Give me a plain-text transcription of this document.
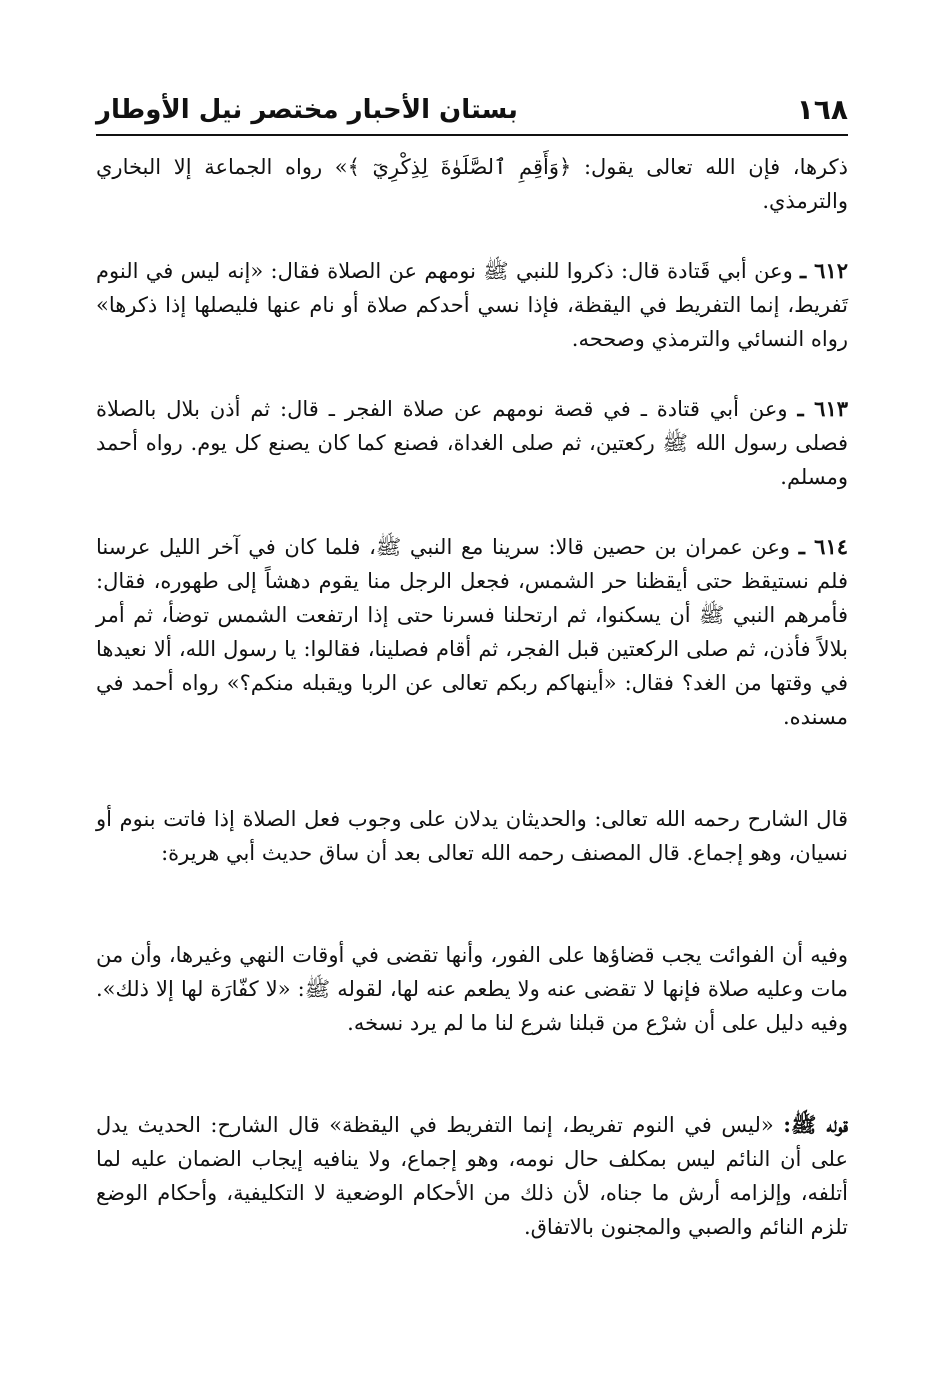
١٦٨
بستان الأحبار مختصر نيل الأوطار

ذكرها، فإن الله تعالى يقول: ﴿وَأَقِمِ ٱلصَّلَوٰةَ لِذِكْرِيٓ ﴾» رواه الجماعة إلا البخاري والترمذي.

٦١٢ ـ وعن أبي قَتادة قال: ذكروا للنبي ﷺ نومهم عن الصلاة فقال: «إنه ليس في النوم تَفريط، إنما التفريط في اليقظة، فإذا نسي أحدكم صلاة أو نام عنها فليصلها إذا ذكرها» رواه النسائي والترمذي وصححه.

٦١٣ ـ وعن أبي قتادة ـ في قصة نومهم عن صلاة الفجر ـ قال: ثم أذن بلال بالصلاة فصلى رسول الله ﷺ ركعتين، ثم صلى الغداة، فصنع كما كان يصنع كل يوم. رواه أحمد ومسلم.

٦١٤ ـ وعن عمران بن حصين قالا: سرينا مع النبي ﷺ، فلما كان في آخر الليل عرسنا فلم نستيقظ حتى أيقظنا حر الشمس، فجعل الرجل منا يقوم دهشاً إلى طهوره، فقال: فأمرهم النبي ﷺ أن يسكنوا، ثم ارتحلنا فسرنا حتى إذا ارتفعت الشمس توضأ، ثم أمر بلالاً فأذن، ثم صلى الركعتين قبل الفجر، ثم أقام فصلينا، فقالوا: يا رسول الله، ألا نعيدها في وقتها من الغد؟ فقال: «أينهاكم ربكم تعالى عن الربا ويقبله منكم؟» رواه أحمد في مسنده.

قال الشارح رحمه الله تعالى: والحديثان يدلان على وجوب فعل الصلاة إذا فاتت بنوم أو نسيان، وهو إجماع. قال المصنف رحمه الله تعالى بعد أن ساق حديث أبي هريرة:

وفيه أن الفوائت يجب قضاؤها على الفور، وأنها تقضى في أوقات النهي وغيرها، وأن من مات وعليه صلاة فإنها لا تقضى عنه ولا يطعم عنه لها، لقوله ﷺ: «لا كفّارَة لها إلا ذلك». وفيه دليل على أن شرْع من قبلنا شرع لنا ما لم يرد نسخه.

قوله ﷺ: «ليس في النوم تفريط، إنما التفريط في اليقظة» قال الشارح: الحديث يدل على أن النائم ليس بمكلف حال نومه، وهو إجماع، ولا ينافيه إيجاب الضمان عليه لما أتلفه، وإلزامه أرش ما جناه، لأن ذلك من الأحكام الوضعية لا التكليفية، وأحكام الوضع تلزم النائم والصبي والمجنون بالاتفاق.
